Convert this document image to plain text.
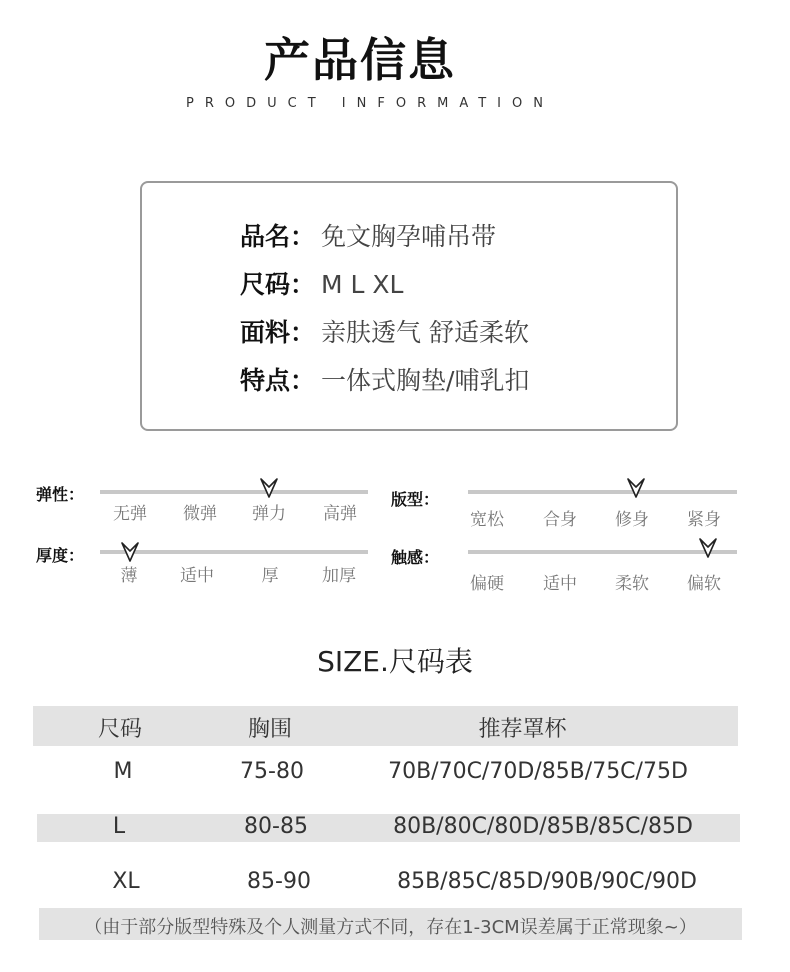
产品信息
PRODUCT INFORMATION
品名： 免文胸孕哺吊带
尺码： M L XL
面料： 亲肤透气 舒适柔软
特点： 一体式胸垫/哺乳扣
弹性：
无弹	微弹	弹力	高弹
版型：
宽松	合身	修身	紧身
厚度：
薄	适中	厚	加厚
触感：
偏硬	适中	柔软	偏软
SIZE.尺码表
尺码	胸围	推荐罩杯
M	75-80	70B/70C/70D/85B/75C/75D
L	80-85	80B/80C/80D/85B/85C/85D
XL	85-90	85B/85C/85D/90B/90C/90D
（由于部分版型特殊及个人测量方式不同，存在1-3CM误差属于正常现象~）
